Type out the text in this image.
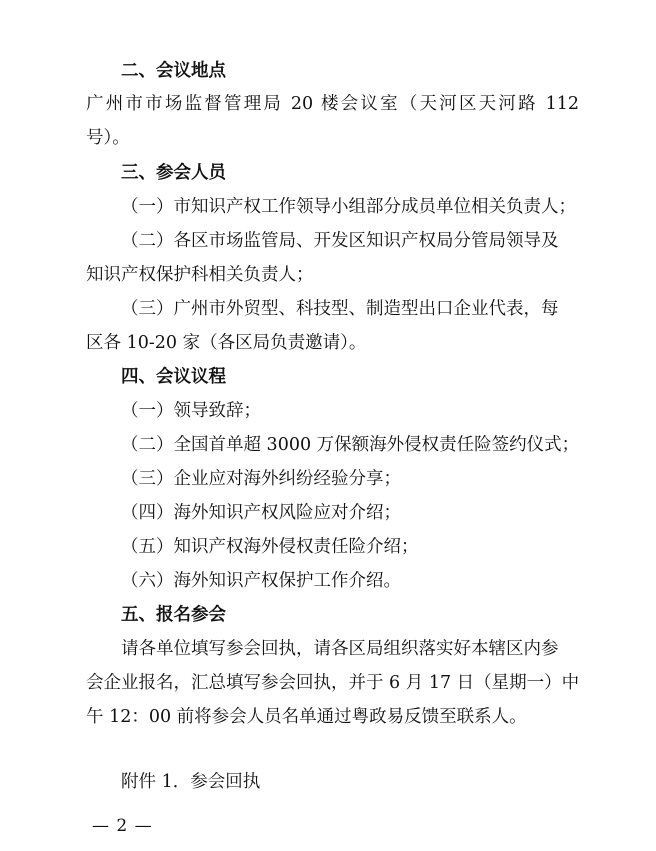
二、会议地点
广州市市场监督管理局 20 楼会议室（天河区天河路 112
号）。
三、参会人员
（一）市知识产权工作领导小组部分成员单位相关负责人；
（二）各区市场监管局、开发区知识产权局分管局领导及
知识产权保护科相关负责人；
（三）广州市外贸型、科技型、制造型出口企业代表，每
区各 10-20 家（各区局负责邀请）。
四、会议议程
（一）领导致辞；
（二）全国首单超 3000 万保额海外侵权责任险签约仪式；
（三）企业应对海外纠纷经验分享；
（四）海外知识产权风险应对介绍；
（五）知识产权海外侵权责任险介绍；
（六）海外知识产权保护工作介绍。
五、报名参会
请各单位填写参会回执，请各区局组织落实好本辖区内参
会企业报名，汇总填写参会回执，并于 6 月 17 日（星期一）中
午 12：00 前将参会人员名单通过粤政易反馈至联系人。
附件 1．参会回执
— 2 —
